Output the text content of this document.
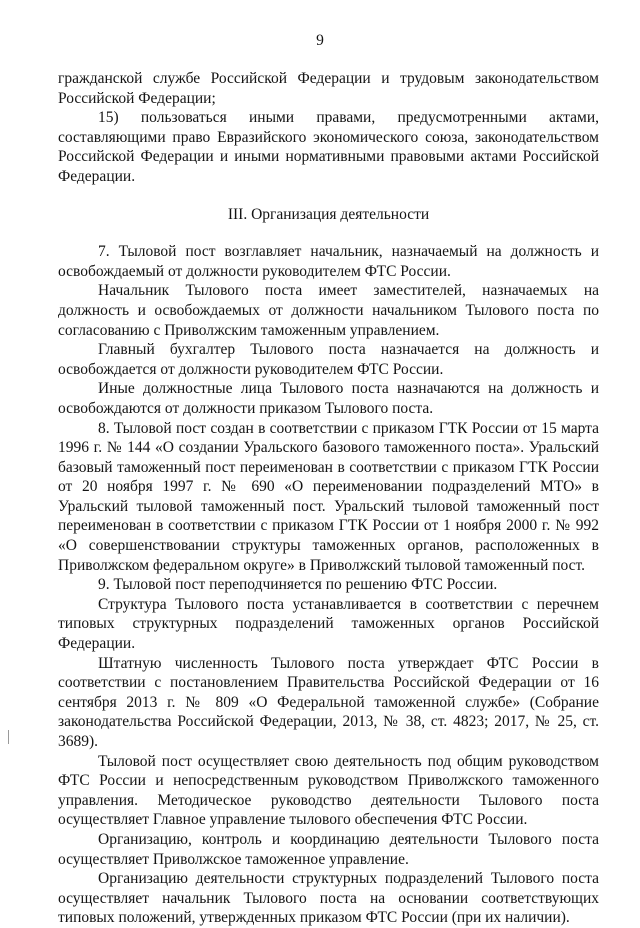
9

гражданской службе Российской Федерации и трудовым законодательством Российской Федерации;

15) пользоваться иными правами, предусмотренными актами, составляющими право Евразийского экономического союза, законодательством Российской Федерации и иными нормативными правовыми актами Российской Федерации.

III. Организация деятельности

7. Тыловой пост возглавляет начальник, назначаемый на должность и освобождаемый от должности руководителем ФТС России.

Начальник Тылового поста имеет заместителей, назначаемых на должность и освобождаемых от должности начальником Тылового поста по согласованию с Приволжским таможенным управлением.

Главный бухгалтер Тылового поста назначается на должность и освобождается от должности руководителем ФТС России.

Иные должностные лица Тылового поста назначаются на должность и освобождаются от должности приказом Тылового поста.

8. Тыловой пост создан в соответствии с приказом ГТК России от 15 марта 1996 г. № 144 «О создании Уральского базового таможенного поста». Уральский базовый таможенный пост переименован в соответствии с приказом ГТК России от 20 ноября 1997 г. № 690 «О переименовании подразделений МТО» в Уральский тыловой таможенный пост. Уральский тыловой таможенный пост переименован в соответствии с приказом ГТК России от 1 ноября 2000 г. № 992 «О совершенствовании структуры таможенных органов, расположенных в Приволжском федеральном округе» в Приволжский тыловой таможенный пост.

9. Тыловой пост переподчиняется по решению ФТС России.

Структура Тылового поста устанавливается в соответствии с перечнем типовых структурных подразделений таможенных органов Российской Федерации.

Штатную численность Тылового поста утверждает ФТС России в соответствии с постановлением Правительства Российской Федерации от 16 сентября 2013 г. № 809 «О Федеральной таможенной службе» (Собрание законодательства Российской Федерации, 2013, № 38, ст. 4823; 2017, № 25, ст. 3689).

Тыловой пост осуществляет свою деятельность под общим руководством ФТС России и непосредственным руководством Приволжского таможенного управления. Методическое руководство деятельности Тылового поста осуществляет Главное управление тылового обеспечения ФТС России.

Организацию, контроль и координацию деятельности Тылового поста осуществляет Приволжское таможенное управление.

Организацию деятельности структурных подразделений Тылового поста осуществляет начальник Тылового поста на основании соответствующих типовых положений, утвержденных приказом ФТС России (при их наличии).
